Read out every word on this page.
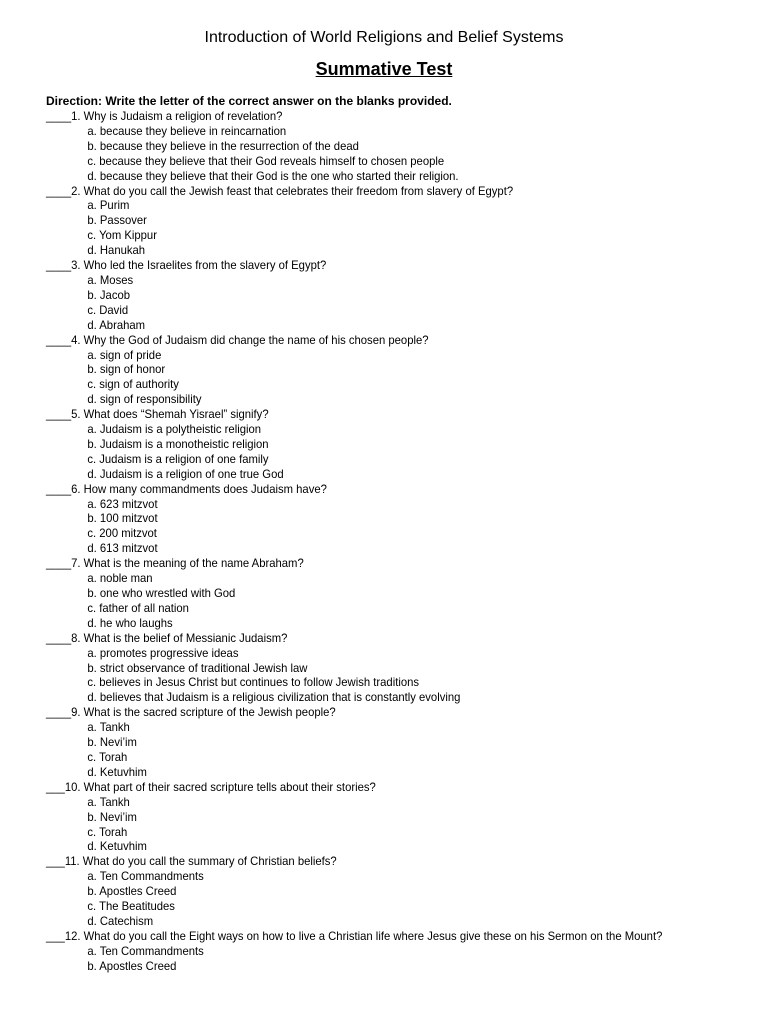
Introduction of World Religions and Belief Systems
Summative Test
Direction: Write the letter of the correct answer on the blanks provided.
____1. Why is Judaism a religion of revelation?
a. because they believe in reincarnation
b. because they believe in the resurrection of the dead
c. because they believe that their God reveals himself to chosen people
d. because they believe that their God is the one who started their religion.
____2. What do you call the Jewish feast that celebrates their freedom from slavery of Egypt?
a. Purim
b. Passover
c. Yom Kippur
d. Hanukah
____3. Who led the Israelites from the slavery of Egypt?
a. Moses
b. Jacob
c. David
d. Abraham
____4. Why the God of Judaism did change the name of his chosen people?
a. sign of pride
b. sign of honor
c. sign of authority
d. sign of responsibility
____5. What does “Shemah Yisrael” signify?
a. Judaism is a polytheistic religion
b. Judaism is a monotheistic religion
c. Judaism is a religion of one family
d. Judaism is a religion of one true God
____6. How many commandments does Judaism have?
a. 623 mitzvot
b. 100 mitzvot
c. 200 mitzvot
d. 613 mitzvot
____7. What is the meaning of the name Abraham?
a. noble man
b. one who wrestled with God
c. father of all nation
d. he who laughs
____8. What is the belief of Messianic Judaism?
a. promotes progressive ideas
b. strict observance of traditional Jewish law
c. believes in Jesus Christ but continues to follow Jewish traditions
d. believes that Judaism is a religious civilization that is constantly evolving
____9. What is the sacred scripture of the Jewish people?
a. Tankh
b. Nevi’im
c. Torah
d. Ketuvhim
___10. What part of their sacred scripture tells about their stories?
a. Tankh
b. Nevi’im
c. Torah
d. Ketuvhim
___11. What do you call the summary of Christian beliefs?
a. Ten Commandments
b. Apostles Creed
c. The Beatitudes
d. Catechism
___12. What do you call the Eight ways on how to live a Christian life where Jesus give these on his Sermon on the Mount?
a. Ten Commandments
b. Apostles Creed
